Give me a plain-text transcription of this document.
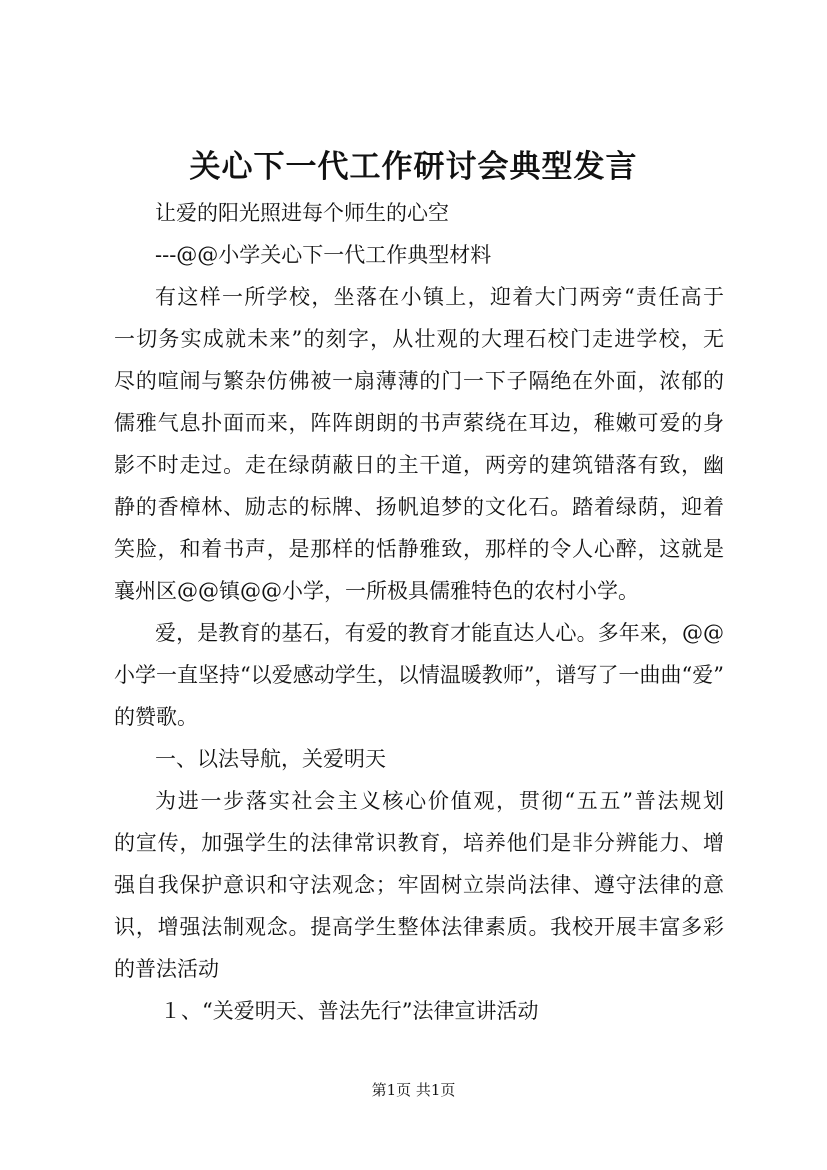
关心下一代工作研讨会典型发言
让爱的阳光照进每个师生的心空
---@@小学关心下一代工作典型材料
有这样一所学校，坐落在小镇上，迎着大门两旁“责任高于
一切务实成就未来”的刻字，从壮观的大理石校门走进学校，无
尽的喧闹与繁杂仿佛被一扇薄薄的门一下子隔绝在外面，浓郁的
儒雅气息扑面而来，阵阵朗朗的书声萦绕在耳边，稚嫩可爱的身
影不时走过。走在绿荫蔽日的主干道，两旁的建筑错落有致，幽
静的香樟林、励志的标牌、扬帆追梦的文化石。踏着绿荫，迎着
笑脸，和着书声，是那样的恬静雅致，那样的令人心醉，这就是
襄州区@@镇@@小学，一所极具儒雅特色的农村小学。
爱，是教育的基石，有爱的教育才能直达人心。多年来，@@
小学一直坚持“以爱感动学生，以情温暖教师”，谱写了一曲曲“爱”
的赞歌。
一、以法导航，关爱明天
为进一步落实社会主义核心价值观，贯彻“五五”普法规划
的宣传，加强学生的法律常识教育，培养他们是非分辨能力、增
强自我保护意识和守法观念；牢固树立崇尚法律、遵守法律的意
识，增强法制观念。提高学生整体法律素质。我校开展丰富多彩
的普法活动
１、“关爱明天、普法先行”法律宣讲活动
第1页 共1页
